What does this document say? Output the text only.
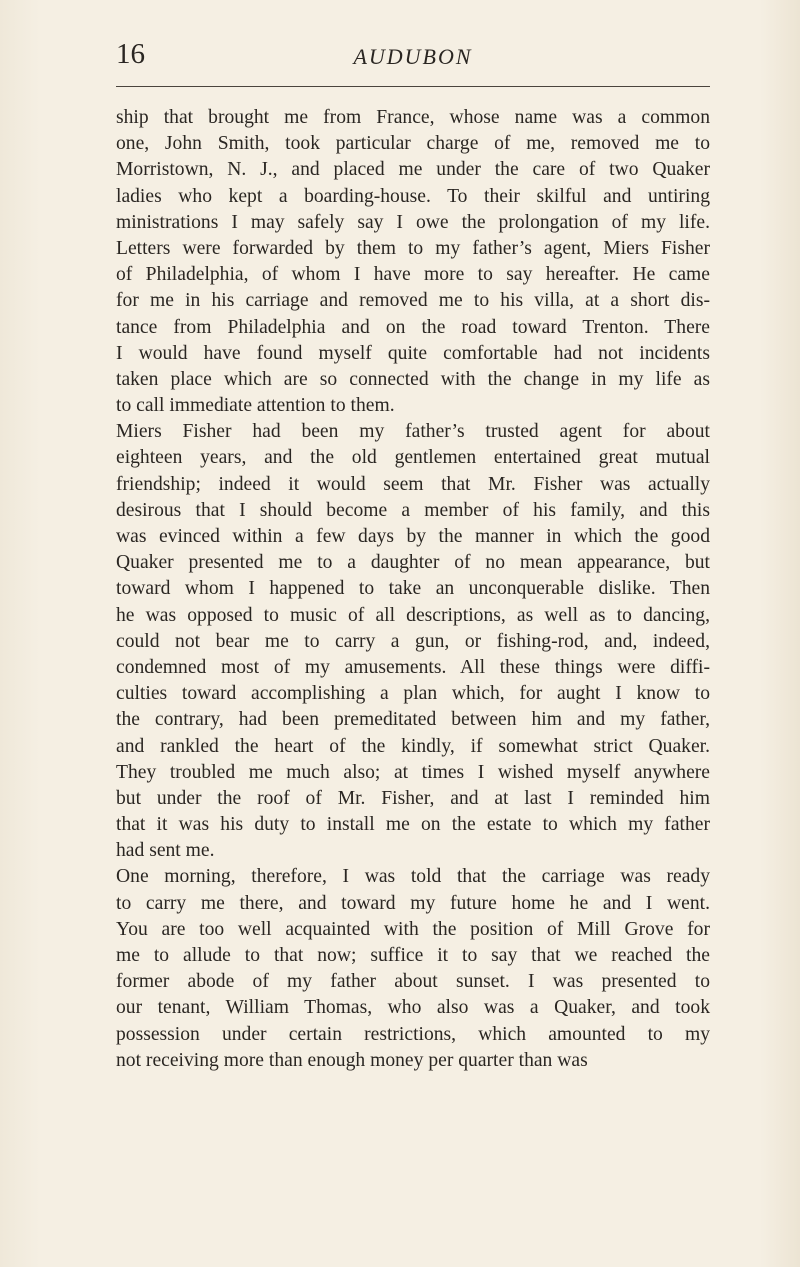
16	AUDUBON
ship that brought me from France, whose name was a common
one, John Smith, took particular charge of me, removed me to
Morristown, N. J., and placed me under the care of two Quaker
ladies who kept a boarding-house. To their skilful and untiring
ministrations I may safely say I owe the prolongation of my life.
Letters were forwarded by them to my father’s agent, Miers Fisher
of Philadelphia, of whom I have more to say hereafter. He came
for me in his carriage and removed me to his villa, at a short dis-
tance from Philadelphia and on the road toward Trenton. There
I would have found myself quite comfortable had not incidents
taken place which are so connected with the change in my life as
to call immediate attention to them.
Miers Fisher had been my father’s trusted agent for about
eighteen years, and the old gentlemen entertained great mutual
friendship; indeed it would seem that Mr. Fisher was actually
desirous that I should become a member of his family, and this
was evinced within a few days by the manner in which the good
Quaker presented me to a daughter of no mean appearance, but
toward whom I happened to take an unconquerable dislike. Then
he was opposed to music of all descriptions, as well as to dancing,
could not bear me to carry a gun, or fishing-rod, and, indeed,
condemned most of my amusements. All these things were diffi-
culties toward accomplishing a plan which, for aught I know to
the contrary, had been premeditated between him and my father,
and rankled the heart of the kindly, if somewhat strict Quaker.
They troubled me much also; at times I wished myself anywhere
but under the roof of Mr. Fisher, and at last I reminded him
that it was his duty to install me on the estate to which my father
had sent me.
One morning, therefore, I was told that the carriage was ready
to carry me there, and toward my future home he and I went.
You are too well acquainted with the position of Mill Grove for
me to allude to that now; suffice it to say that we reached the
former abode of my father about sunset. I was presented to
our tenant, William Thomas, who also was a Quaker, and took
possession under certain restrictions, which amounted to my
not receiving more than enough money per quarter than was
